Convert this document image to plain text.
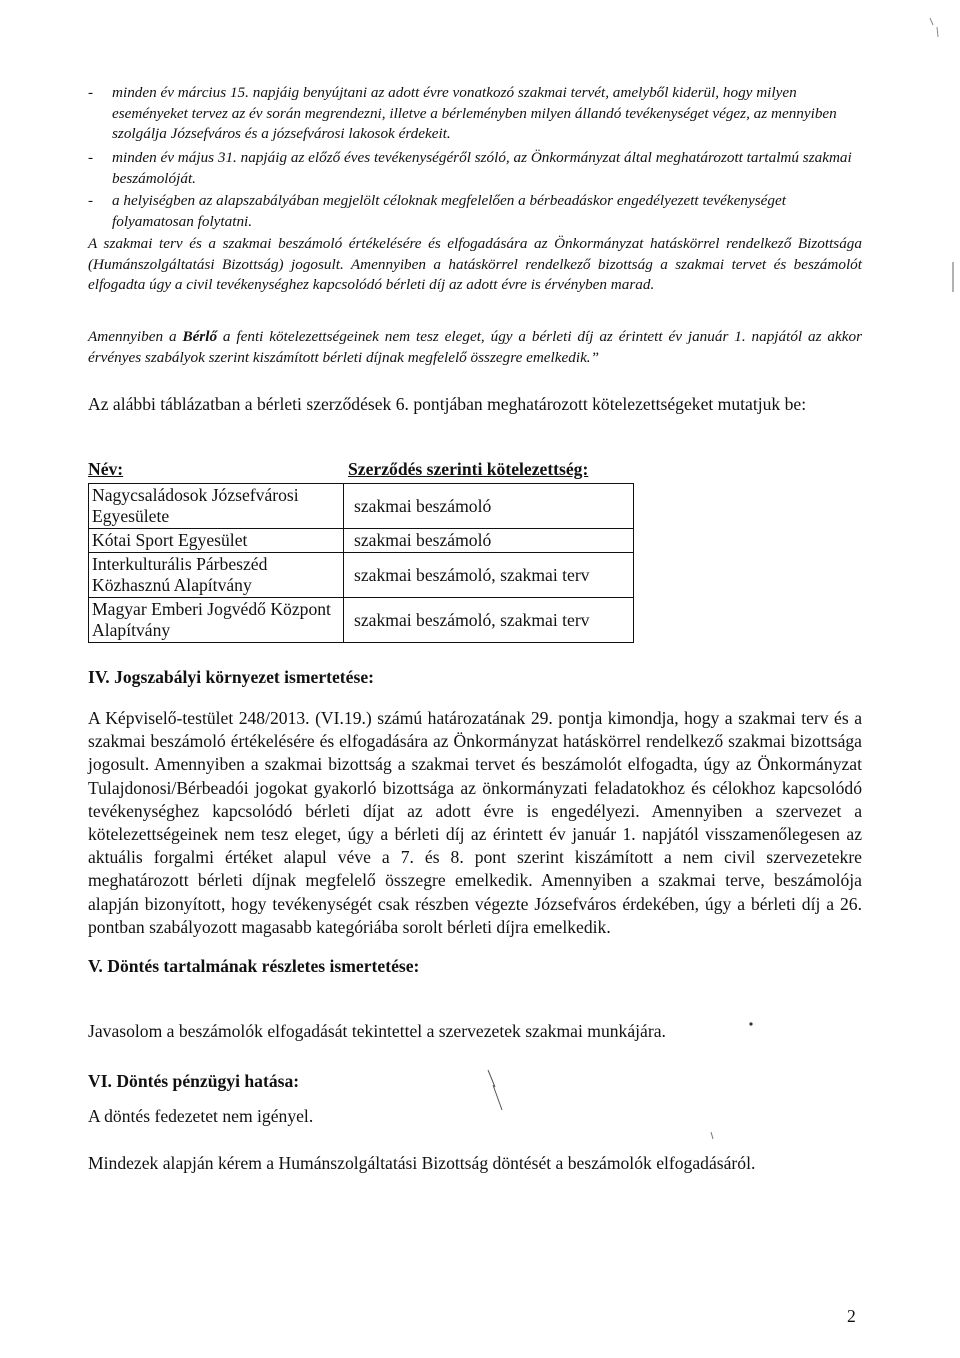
-	minden év március 15. napjáig benyújtani az adott évre vonatkozó szakmai tervét, amelyből kiderül, hogy milyen eseményeket tervez az év során megrendezni, illetve a bérleményben milyen állandó tevékenységet végez, az mennyiben szolgálja Józsefváros és a józsefvárosi lakosok érdekeit.
-	minden év május 31. napjáig az előző éves tevékenységéről szóló, az Önkormányzat által meghatározott tartalmú szakmai beszámolóját.
-	a helyiségben az alapszabályában megjelölt céloknak megfelelően a bérbeadáskor engedélyezett tevékenységet folyamatosan folytatni.
A szakmai terv és a szakmai beszámoló értékelésére és elfogadására az Önkormányzat hatáskörrel rendelkező Bizottsága (Humánszolgáltatási Bizottság) jogosult. Amennyiben a hatáskörrel rendelkező bizottság a szakmai tervet és beszámolót elfogadta úgy a civil tevékenységhez kapcsolódó bérleti díj az adott évre is érvényben marad.
Amennyiben a Bérlő a fenti kötelezettségeinek nem tesz eleget, úgy a bérleti díj az érintett év január 1. napjától az akkor érvényes szabályok szerint kiszámított bérleti díjnak megfelelő összegre emelkedik.”
Az alábbi táblázatban a bérleti szerződések 6. pontjában meghatározott kötelezettségeket mutatjuk be:
Név:	Szerződés szerinti kötelezettség:
Nagycsaládosok Józsefvárosi Egyesülete	szakmai beszámoló
Kótai Sport Egyesület	szakmai beszámoló
Interkulturális Párbeszéd Közhasznú Alapítvány	szakmai beszámoló, szakmai terv
Magyar Emberi Jogvédő Központ Alapítvány	szakmai beszámoló, szakmai terv
IV. Jogszabályi környezet ismertetése:
A Képviselő-testület 248/2013. (VI.19.) számú határozatának 29. pontja kimondja, hogy a szakmai terv és a szakmai beszámoló értékelésére és elfogadására az Önkormányzat hatáskörrel rendelkező szakmai bizottsága jogosult. Amennyiben a szakmai bizottság a szakmai tervet és beszámolót elfogadta, úgy az Önkormányzat Tulajdonosi/Bérbeadói jogokat gyakorló bizottsága az önkormányzati feladatokhoz és célokhoz kapcsolódó tevékenységhez kapcsolódó bérleti díjat az adott évre is engedélyezi. Amennyiben a szervezet a kötelezettségeinek nem tesz eleget, úgy a bérleti díj az érintett év január 1. napjától visszamenőlegesen az aktuális forgalmi értéket alapul véve a 7. és 8. pont szerint kiszámított a nem civil szervezetekre meghatározott bérleti díjnak megfelelő összegre emelkedik. Amennyiben a szakmai terve, beszámolója alapján bizonyított, hogy tevékenységét csak részben végezte Józsefváros érdekében, úgy a bérleti díj a 26. pontban szabályozott magasabb kategóriába sorolt bérleti díjra emelkedik.
V. Döntés tartalmának részletes ismertetése:
Javasolom a beszámolók elfogadását tekintettel a szervezetek szakmai munkájára.
VI. Döntés pénzügyi hatása:
A döntés fedezetet nem igényel.
Mindezek alapján kérem a Humánszolgáltatási Bizottság döntését a beszámolók elfogadásáról.
2
